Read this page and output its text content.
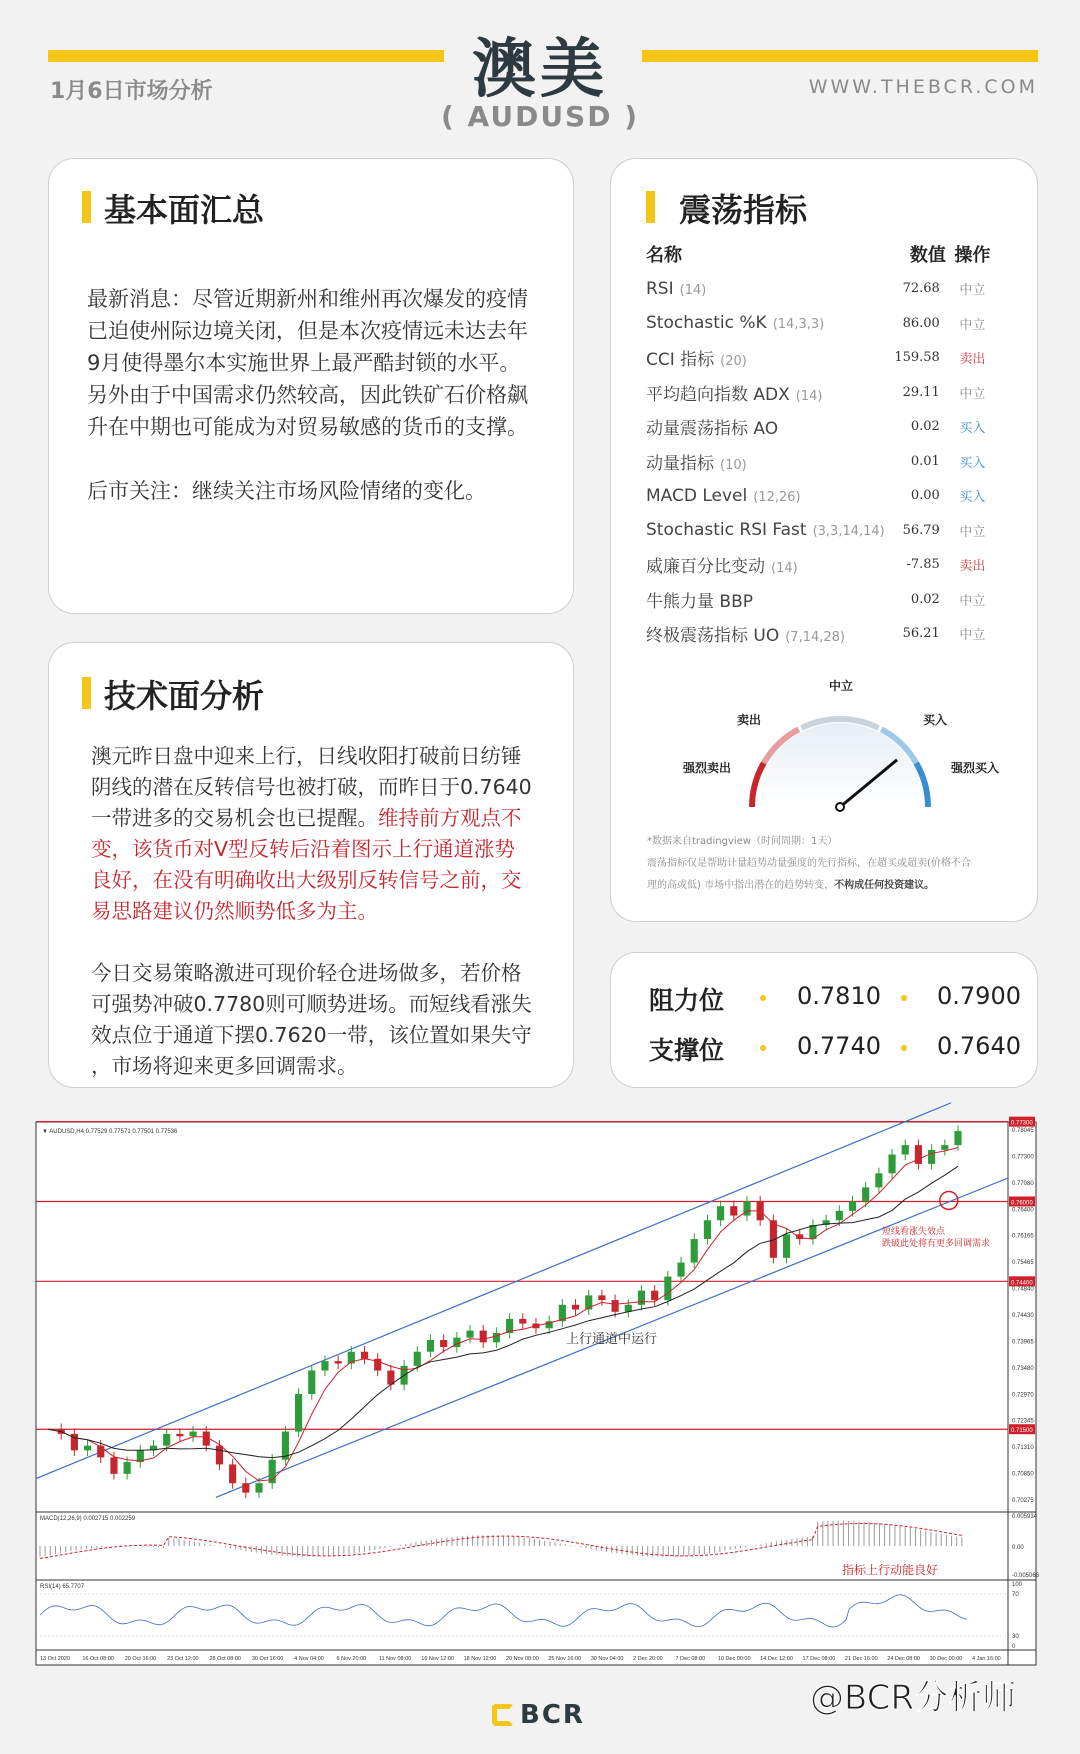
澳美
( AUDUSD )
1月6日市场分析	WWW.THEBCR.COM
基本面汇总
最新消息：尽管近期新州和维州再次爆发的疫情
已迫使州际边境关闭，但是本次疫情远未达去年
9月使得墨尔本实施世界上最严酷封锁的水平。
另外由于中国需求仍然较高，因此铁矿石价格飙
升在中期也可能成为对贸易敏感的货币的支撑。
后市关注：继续关注市场风险情绪的变化。
技术面分析
澳元昨日盘中迎来上行，日线收阳打破前日纺锤
阴线的潜在反转信号也被打破，而昨日于0.7640
一带进多的交易机会也已提醒。维持前方观点不
变，该货币对V型反转后沿着图示上行通道涨势
良好，在没有明确收出大级别反转信号之前，交
易思路建议仍然顺势低多为主。
今日交易策略激进可现价轻仓进场做多，若价格
可强势冲破0.7780则可顺势进场。而短线看涨失
效点位于通道下摆0.7620一带，该位置如果失守
，市场将迎来更多回调需求。
震荡指标
名称	数值	操作
RSI (14)	72.68	中立
Stochastic %K (14,3,3)	86.00	中立
CCI 指标 (20)	159.58	卖出
平均趋向指数 ADX (14)	29.11	中立
动量震荡指标 AO	0.02	买入
动量指标 (10)	0.01	买入
MACD Level (12,26)	0.00	买入
Stochastic RSI Fast (3,3,14,14)	56.79	中立
威廉百分比变动 (14)	-7.85	卖出
牛熊力量 BBP	0.02	中立
终极震荡指标 UO (7,14,28)	56.21	中立
中立
卖出	买入
强烈卖出	强烈买入
*数据来自tradingview（时间周期：1天）
震荡指标仅是帮助计量趋势动量强度的先行指标，在超买或超卖(价格不合
理的高或低) 市场中指出潜在的趋势转变，不构成任何投资建议。
阻力位	0.7810 0.7900
支撑位	0.7740 0.7640
0.77300
0.76000
0.74400
0.71500
0.78045
0.77300
0.77080
0.76400
0.76165
0.75465
0.74840
0.74430
0.73965
0.73480
0.72970
0.72345
0.71310
0.70850
0.70275
▼ AUDUSD,H4 0.77529 0.77571 0.77501 0.77536
上行通道中运行
短线看涨失效点
跌破此处将有更多回调需求
MACD(12,26,9) 0.002715 0.002259
指标上行动能良好
0.005934
0.00
-0.005066
RSI(14) 65.7707	100
70
30
0
13 Oct 2020 16 Oct 08:00 20 Oct 16:00 23 Oct 12:00 28 Oct 08:00 30 Oct 16:00 4 Nov 04:00 6 Nov 20:00 11 Nov 08:00 16 Nov 12:00 18 Nov 12:00 20 Nov 08:00 25 Nov 16:00 30 Nov 04:00 2 Dec 20:00 7 Dec 08:00 10 Dec 00:00 14 Dec 12:00 17 Dec 08:00 21 Dec 16:00 24 Dec 08:00 30 Dec 00:00 4 Jan 16:00
BCR	@BCR分析师
